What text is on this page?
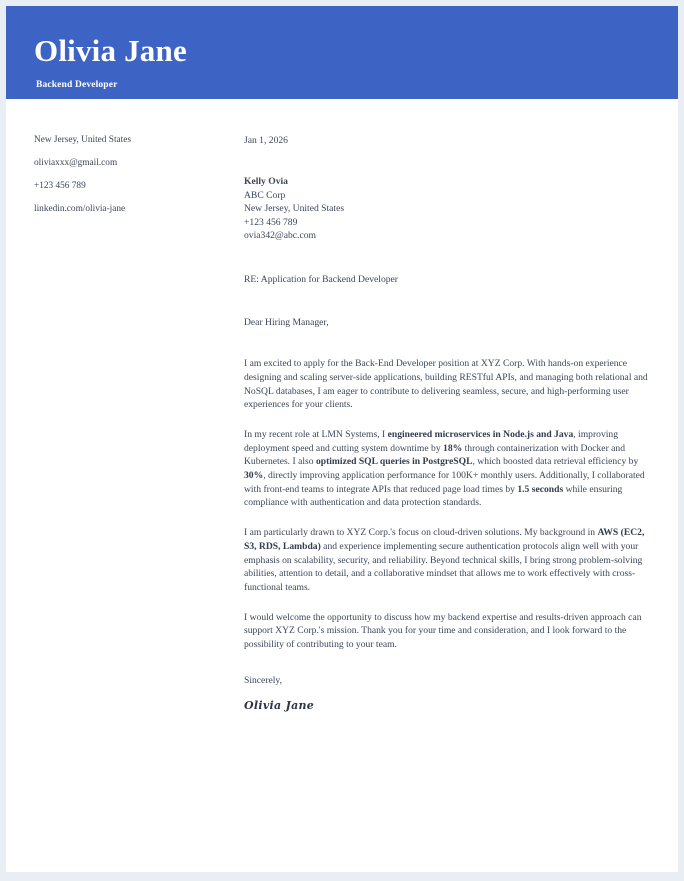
Olivia Jane
Backend Developer
New Jersey, United States
oliviaxxx@gmail.com
+123 456 789
linkedin.com/olivia-jane
Jan 1, 2026
Kelly Ovia
ABC Corp
New Jersey, United States
+123 456 789
ovia342@abc.com
RE: Application for Backend Developer
Dear Hiring Manager,
I am excited to apply for the Back-End Developer position at XYZ Corp. With hands-on experience designing and scaling server-side applications, building RESTful APIs, and managing both relational and NoSQL databases, I am eager to contribute to delivering seamless, secure, and high-performing user experiences for your clients.
In my recent role at LMN Systems, I engineered microservices in Node.js and Java, improving deployment speed and cutting system downtime by 18% through containerization with Docker and Kubernetes. I also optimized SQL queries in PostgreSQL, which boosted data retrieval efficiency by 30%, directly improving application performance for 100K+ monthly users. Additionally, I collaborated with front-end teams to integrate APIs that reduced page load times by 1.5 seconds while ensuring compliance with authentication and data protection standards.
I am particularly drawn to XYZ Corp.'s focus on cloud-driven solutions. My background in AWS (EC2, S3, RDS, Lambda) and experience implementing secure authentication protocols align well with your emphasis on scalability, security, and reliability. Beyond technical skills, I bring strong problem-solving abilities, attention to detail, and a collaborative mindset that allows me to work effectively with cross-functional teams.
I would welcome the opportunity to discuss how my backend expertise and results-driven approach can support XYZ Corp.'s mission. Thank you for your time and consideration, and I look forward to the possibility of contributing to your team.
Sincerely,
Olivia Jane
